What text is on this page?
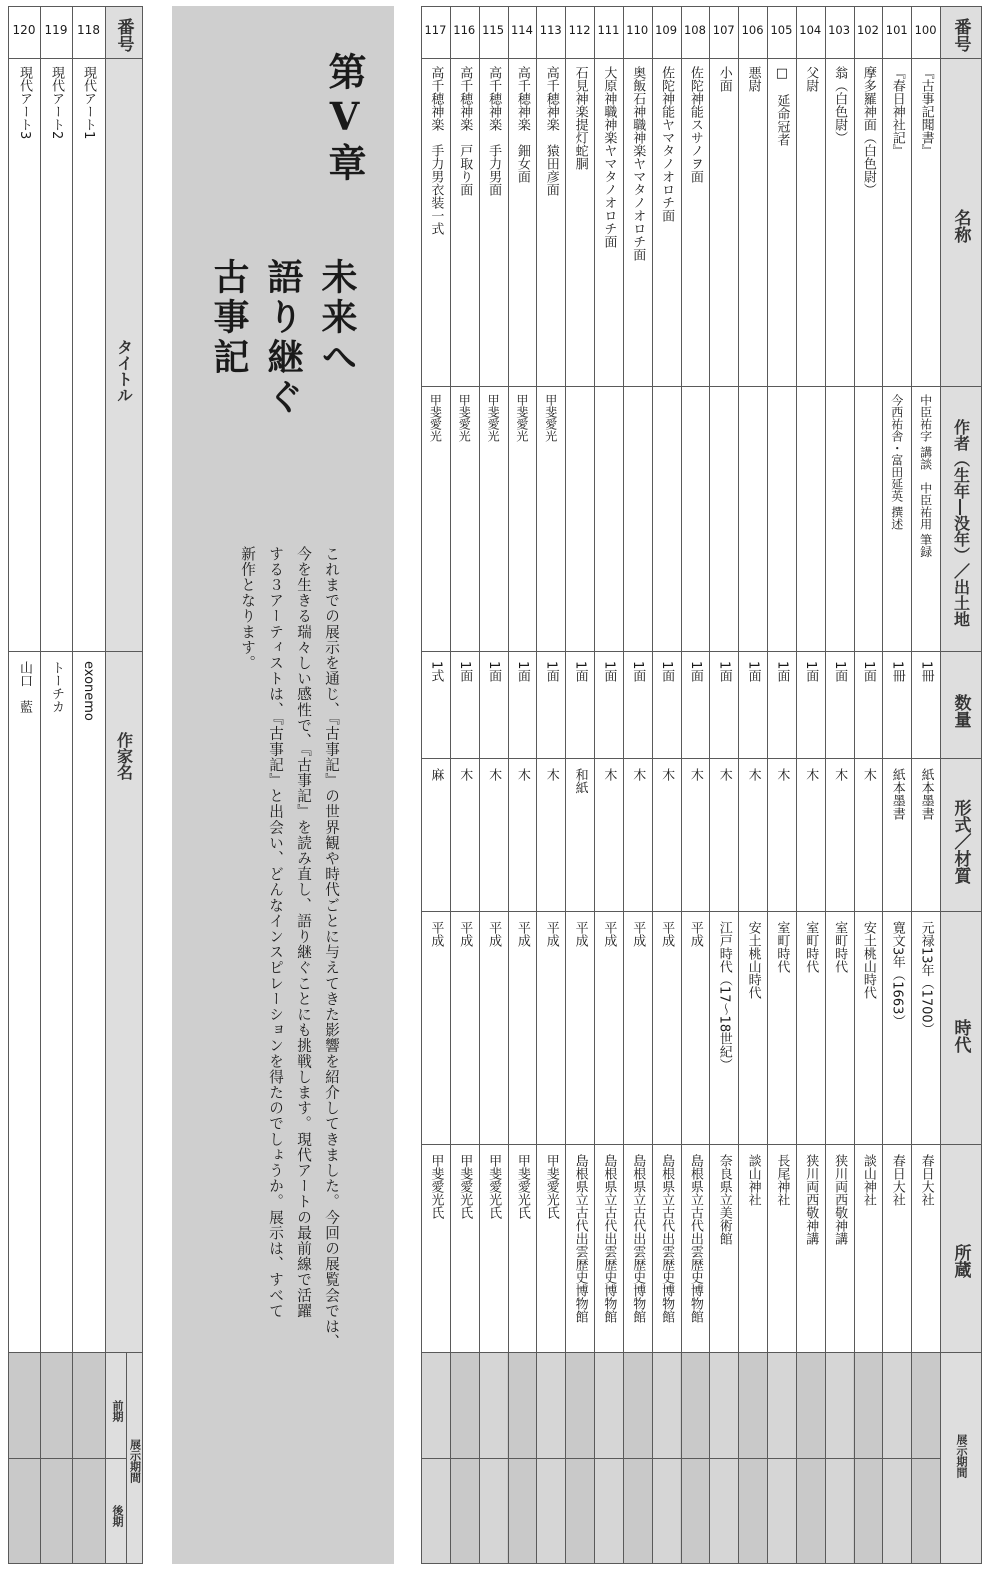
番号
タイトル
作家名
展示期間
前期
後期
118
現代アート1
exonemo
119
現代アート2
トーチカ
120
現代アート3
山口　藍
第Ⅴ章
未来へ
語り継ぐ
古事記
これまでの展示を通じ、『古事記』の世界観や時代ごとに与えてきた影響を紹介してきました。今回の展覧会では、
今を生きる瑞々しい感性で、『古事記』を読み直し、語り継ぐことにも挑戦します。現代アートの最前線で活躍
する３アーティストは、『古事記』と出会い、どんなインスピレーションを得たのでしょうか。展示は、すべて
新作となります。
番号
名称
作者（生年―没年）／出土地
数量
形式／材質
時代
所蔵
展示期間
100
『古事記聞書』
中臣祐字 講談　中臣祐用 筆録
1冊
紙本墨書
元禄13年（1700）
春日大社
101
『春日神社記』
今西祐舎・富田延英 撰述
1冊
紙本墨書
寛文3年（1663）
春日大社
102
摩多羅神面（白色尉）
1面
木
安土桃山時代
談山神社
103
翁（白色尉）
1面
木
室町時代
狭川両西敬神講
104
父尉
1面
木
室町時代
狭川両西敬神講
105
□　延命冠者
1面
木
室町時代
長尾神社
106
悪尉
1面
木
安土桃山時代
談山神社
107
小面
1面
木
江戸時代（17～18世紀）
奈良県立美術館
108
佐陀神能スサノヲ面
1面
木
平成
島根県立古代出雲歴史博物館
109
佐陀神能ヤマタノオロチ面
1面
木
平成
島根県立古代出雲歴史博物館
110
奥飯石神職神楽ヤマタノオロチ面
1面
木
平成
島根県立古代出雲歴史博物館
111
大原神職神楽ヤマタノオロチ面
1面
木
平成
島根県立古代出雲歴史博物館
112
石見神楽提灯蛇胴
1面
和紙
平成
島根県立古代出雲歴史博物館
113
高千穂神楽　猿田彦面
甲斐愛光
1面
木
平成
甲斐愛光氏
114
高千穂神楽　鈿女面
甲斐愛光
1面
木
平成
甲斐愛光氏
115
高千穂神楽　手力男面
甲斐愛光
1面
木
平成
甲斐愛光氏
116
高千穂神楽　戸取り面
甲斐愛光
1面
木
平成
甲斐愛光氏
117
高千穂神楽　手力男衣装一式
甲斐愛光
1式
麻
平成
甲斐愛光氏
